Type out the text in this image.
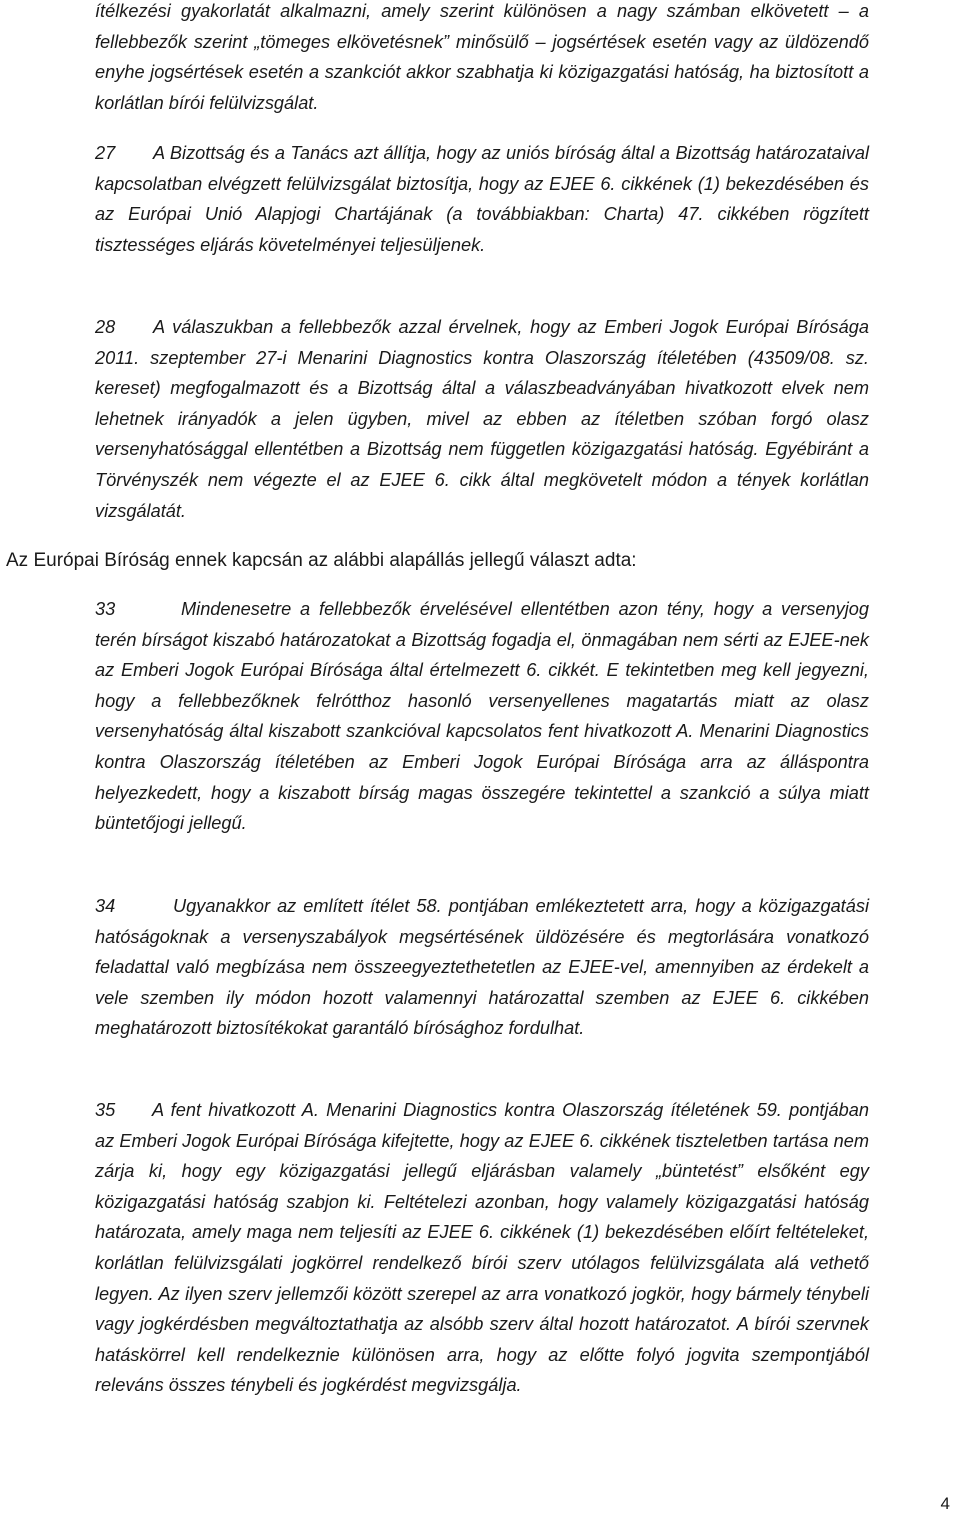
ítélkezési gyakorlatát alkalmazni, amely szerint különösen a nagy számban elkövetett – a fellebbezők szerint „tömeges elkövetésnek” minősülő – jogsértések esetén vagy az üldözendő enyhe jogsértések esetén a szankciót akkor szabhatja ki közigazgatási hatóság, ha biztosított a korlátlan bírói felülvizsgálat.

27 A Bizottság és a Tanács azt állítja, hogy az uniós bíróság által a Bizottság határozataival kapcsolatban elvégzett felülvizsgálat biztosítja, hogy az EJEE 6. cikkének (1) bekezdésében és az Európai Unió Alapjogi Chartájának (a továbbiakban: Charta) 47. cikkében rögzített tisztességes eljárás követelményei teljesüljenek.

28 A válaszukban a fellebbezők azzal érvelnek, hogy az Emberi Jogok Európai Bírósága 2011. szeptember 27-i Menarini Diagnostics kontra Olaszország ítéletében (43509/08. sz. kereset) megfogalmazott és a Bizottság által a válaszbeadványában hivatkozott elvek nem lehetnek irányadók a jelen ügyben, mivel az ebben az ítéletben szóban forgó olasz versenyhatósággal ellentétben a Bizottság nem független közigazgatási hatóság. Egyébiránt a Törvényszék nem végezte el az EJEE 6. cikk által megkövetelt módon a tények korlátlan vizsgálatát.

Az Európai Bíróság ennek kapcsán az alábbi alapállás jellegű választ adta:

33	Mindenesetre a fellebbezők érvelésével ellentétben azon tény, hogy a versenyjog terén bírságot kiszabó határozatokat a Bizottság fogadja el, önmagában nem sérti az EJEE-nek az Emberi Jogok Európai Bírósága által értelmezett 6. cikkét. E tekintetben meg kell jegyezni, hogy a fellebbezőknek felrótthoz hasonló versenyellenes magatartás miatt az olasz versenyhatóság által kiszabott szankcióval kapcsolatos fent hivatkozott A. Menarini Diagnostics kontra Olaszország ítéletében az Emberi Jogok Európai Bírósága arra az álláspontra helyezkedett, hogy a kiszabott bírság magas összegére tekintettel a szankció a súlya miatt büntetőjogi jellegű.

34	Ugyanakkor az említett ítélet 58. pontjában emlékeztetett arra, hogy a közigazgatási hatóságoknak a versenyszabályok megsértésének üldözésére és megtorlására vonatkozó feladattal való megbízása nem összeegyeztethetetlen az EJEE-vel, amennyiben az érdekelt a vele szemben ily módon hozott valamennyi határozattal szemben az EJEE 6. cikkében meghatározott biztosítékokat garantáló bírósághoz fordulhat.

35 A fent hivatkozott A. Menarini Diagnostics kontra Olaszország ítéletének 59. pontjában az Emberi Jogok Európai Bírósága kifejtette, hogy az EJEE 6. cikkének tiszteletben tartása nem zárja ki, hogy egy közigazgatási jellegű eljárásban valamely „büntetést” elsőként egy közigazgatási hatóság szabjon ki. Feltételezi azonban, hogy valamely közigazgatási hatóság határozata, amely maga nem teljesíti az EJEE 6. cikkének (1) bekezdésében előírt feltételeket, korlátlan felülvizsgálati jogkörrel rendelkező bírói szerv utólagos felülvizsgálata alá vethető legyen. Az ilyen szerv jellemzői között szerepel az arra vonatkozó jogkör, hogy bármely ténybeli vagy jogkérdésben megváltoztathatja az alsóbb szerv által hozott határozatot. A bírói szervnek hatáskörrel kell rendelkeznie különösen arra, hogy az előtte folyó jogvita szempontjából releváns összes ténybeli és jogkérdést megvizsgálja.

4
